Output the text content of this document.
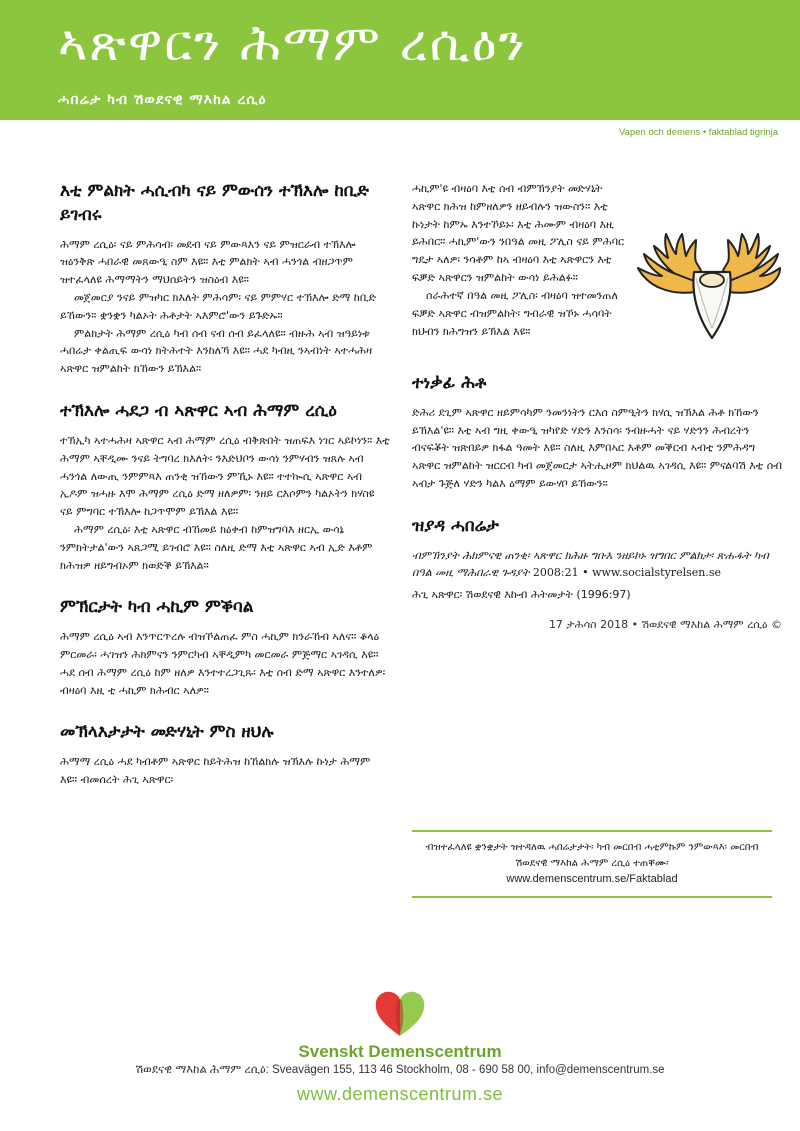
ኣጽዋርን ሕማም ረሲዕን
ሓበሬታ ካብ ሽወደናዊ ማእከል ረሲዕ
Vapen och demens • faktablad tigrinja
እቲ ምልክት ሓሲብካ ናይ ምውሰን ተኽእሎ ከቢድ ይገብሩ

ሕማም ረሲዕ፡ ናይ ምሕሳብ፡ መደብ ናይ ምውጻእን ናይ ምዝርራብ ተኽእሎ ዝዕንቅጽ ሓበራዊ መጸውዒ ስም እዩ። እቲ ምልክት ኣብ ሓንጎል ብዘጋጥም ዝተፈላለዩ ሕማማትን ማህሰይትን ዝስዕብ እዩ።

መጀመርያ ንናይ ምዝካር ክእለት ምሕሳም፡ ናይ ምምሃር ተኽእሎ ድማ ከቢድ ይኸውን። ቋንቋን ካልኦት ሕቶታት ኣእምሮ'ውን ይጉድኡ።

ምልክታት ሕማም ረሲዕ ካብ ሰብ ናብ ሰብ ይፈላለዩ። ብዙሕ ኣብ ዝዓይነቱ ሓበሬታ ቀልጢፍ ውሳነ ክትሕተት እንከለኻ እዩ። ሓደ ካብዚ ንኣብነት ኣተሓሕዛ ኣጽዋር ዝምልከት ክኸውን ይኽእል።

ተኽእሎ ሓደጋ ብ ኣጽዋር ኣብ ሕማም ረሲዕ

ተኽኢካ ኣተሓሕዛ ኣጽዋር ኣብ ሕማም ረሲዕ ብቅጽበት ዝጠፍእ ነገር ኣይኮነን። እቲ ሕማም ኣቐዲሙ ንናይ ትግባረ ክእለት፡ ንእድህቦን ውሳነ ንምሃብን ዝጸሉ ኣብ ሓንጎል ለውጢ ንምምጻእ ጠንቂ ዝኸውን ምኺኑ እዩ። ተተኲሲ ኣጽዋር ኣብ ኢዶም ዝሓዙ እሞ ሕማም ረሲዕ ድማ ዘለዎም፡ ንዘይ ርእሶምን ካልኦትን ክሃስዩ ናይ ምግባር ተኽእሎ ከጋጥሞም ይኽእል እዩ።

ሕማም ረሲዕ፡ እቲ ኣጽዋር ብኸመይ ክዕቀብ ከምዝግባእ ዘርኢ ውሳኔ ንምክትታል'ውን ኣጸጋሚ ይገብሮ እዩ። ስለዚ ድማ እቲ ኣጽዋር ኣብ ኢድ እቶም ክሕዝዎ ዘይግብኦም ክወድቕ ይኽእል።

ምኽርታት ካብ ሓኪም ምቕባል

ሕማም ረሲዕ ኣብ እንጥርጥረሉ ብዝኾልጠፈ ምስ ሓኪም ክንራኸብ ኣለና። ቆላዕ ምርመራ፡ ሓገዝን ሕክምናን ንምርካብ ኣቐዲምካ መርመራ ምጅማር ኣገዳሲ እዩ። ሓደ ሰብ ሕማም ረሲዕ ከም ዘለዎ እንተተረጋጊጹ፡ እቲ ሰብ ድማ ኣጽዋር እንተለዎ፡ ብዛዕባ እዚ ቲ ሓኪም ክሕብር ኣለዎ።

መኽላእታታት መድሃኒት ምስ ዘህሉ

ሕማማ ረሲዕ ሓደ ካብቶም ኣጽዋር ከይትሕዝ ከኸልክሉ ዝኽእሉ ኩነታ ሕማም እዩ። ብመሰረት ሕጊ ኣጽዋር፡

ሓኪም'ዩ ብዛዕባ እቲ ሰብ ብምኽንያት መድሃኒት ኣጽዋር ክሕዝ ከምዘለዎን ዘይብሉን ዝውስን። እቲ ኩነታት ከምኡ እንተኾይኑ፡ እቲ ሕሙም ብዛዕባ እዚ ይሕበር። ሓኪም'ውን ንበዓል መዚ ፖሊስ ናይ ምሕባር ግዴታ ኣለዎ፡ ንሳቶም ከኣ ብዛዕባ እቲ ኣጽዋርን እቲ ፍቓድ ኣጽዋርን ዝምልከት ውሳነ ይሕልፉ።

ሰራሕተኛ በዓል መዚ ፖሊስ፡ ብዛዕባ ዝተመንጠለ ፍቓድ ኣጽዋር ብዝምልከት፡ ግብራዊ ዝኾኑ ሓሳባት ክህብን ክሕግዝን ይኽእል እዩ።

ተነቃፊ ሕቶ

ድሕሪ ደጊም ኣጽዋር ዘይምሳካም ንመንነትን ርእሰ ስምዒትን ክሃሲ ዝኽእል ሕቶ ክኸውን ይኽእል'ዩ። እቲ ኣብ ግዚ ቀውዒ ዝካየድ ሃድን እንስሳ፡ ንብዙሓት ናይ ሃድንን ሕብረትን ብናፍቖት ዝጽበይዎ ክፋል ዓመት እዩ። ስለዚ እምበኣር እቶም መቕርብ ኣብቲ ንምሕዳግ ኣጽዋር ዝምልከት ዝርርብ ካብ መጀመርታ ኣትሒዞም ክህልዉ ኣገዳሲ እዩ። ምናልባሽ እቲ ሰብ ኣብታ ጉጅለ ሃድን ካልእ ዕማም ይውሃቦ ይኸውን።

ዝያዳ ሓበሬታ

ብምኽንያት ሕክምናዊ ጠንቂ፡ ኣጽዋር ክሕዙ ግቡእ ንዘይኮኑ ዝግበር ምልክታ፡ ጽሑፋት ካብ በዓል መዚ ማሕበራዊ ጉዳያት 2008:21 • www.socialstyrelsen.se

ሕጊ ኣጽዋር፡ ሽወደናዊ እኩብ ሕትመታት (1996:97)

17 ታሕሳስ 2018 • ሽወደናዊ ማእከል ሕማም ረሲዕ ©

ብዝተፈላለዩ ቋንቋታት ዝተዳለዉ ሓበሬታታት፡ ካብ መርበብ ሓቲምኩም ንምውጻእ፡ መርበብ ሽወደናዊ ማእከል ሕማም ረሲዕ ተጠቐሙ፡

www.demenscentrum.se/Faktablad

Svenskt Demenscentrum
ሽወደናዊ ማእከል ሕማም ረሲዕ: Sveavägen 155, 113 46 Stockholm, 08 - 690 58 00, info@demenscentrum.se
www.demenscentrum.se
